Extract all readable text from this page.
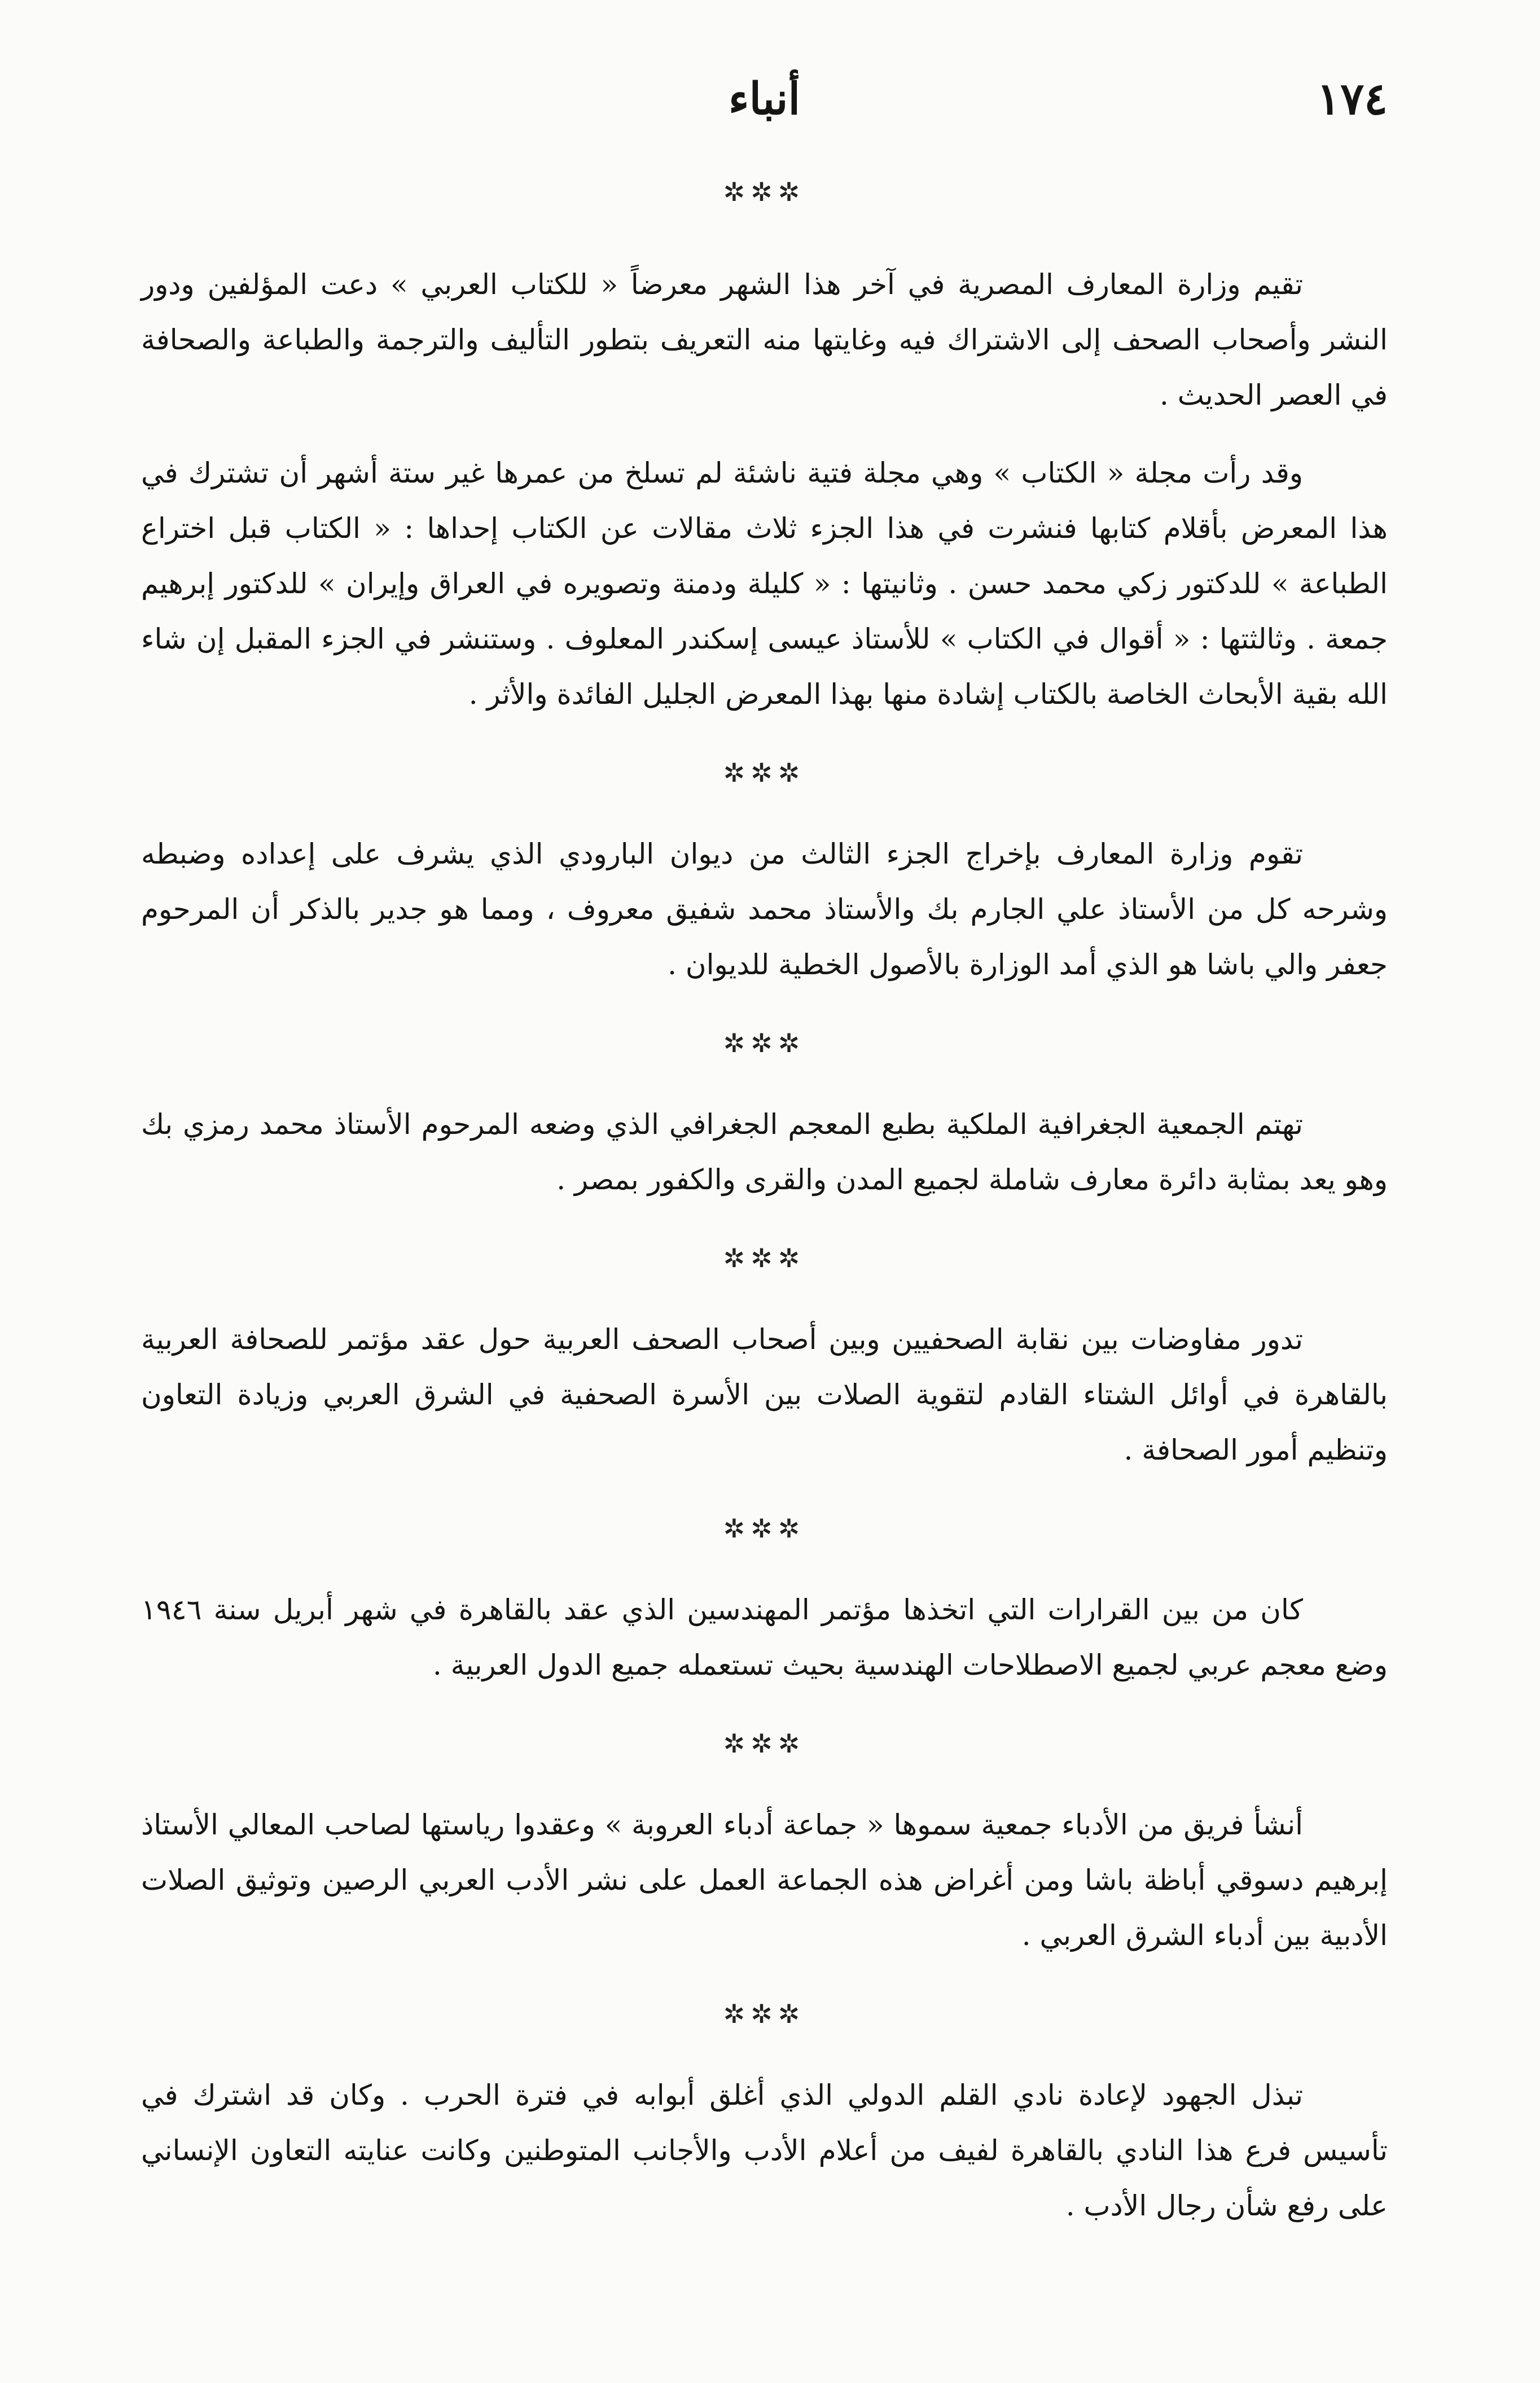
١٧٤
أنباء
✲✲✲

تقيم وزارة المعارف المصرية في آخر هذا الشهر معرضاً « للكتاب العربي » دعت المؤلفين ودور النشر وأصحاب الصحف إلى الاشتراك فيه وغايتها منه التعريف بتطور التأليف والترجمة والطباعة والصحافة في العصر الحديث .

وقد رأت مجلة « الكتاب » وهي مجلة فتية ناشئة لم تسلخ من عمرها غير ستة أشهر أن تشترك في هذا المعرض بأقلام كتابها فنشرت في هذا الجزء ثلاث مقالات عن الكتاب إحداها : « الكتاب قبل اختراع الطباعة » للدكتور زكي محمد حسن . وثانيتها : « كليلة ودمنة وتصويره في العراق وإيران » للدكتور إبرهيم جمعة . وثالثتها : « أقوال في الكتاب » للأستاذ عيسى إسكندر المعلوف . وستنشر في الجزء المقبل إن شاء الله بقية الأبحاث الخاصة بالكتاب إشادة منها بهذا المعرض الجليل الفائدة والأثر .

✲✲✲

تقوم وزارة المعارف بإخراج الجزء الثالث من ديوان البارودي الذي يشرف على إعداده وضبطه وشرحه كل من الأستاذ علي الجارم بك والأستاذ محمد شفيق معروف ، ومما هو جدير بالذكر أن المرحوم جعفر والي باشا هو الذي أمد الوزارة بالأصول الخطية للديوان .

✲✲✲

تهتم الجمعية الجغرافية الملكية بطبع المعجم الجغرافي الذي وضعه المرحوم الأستاذ محمد رمزي بك وهو يعد بمثابة دائرة معارف شاملة لجميع المدن والقرى والكفور بمصر .

✲✲✲

تدور مفاوضات بين نقابة الصحفيين وبين أصحاب الصحف العربية حول عقد مؤتمر للصحافة العربية بالقاهرة في أوائل الشتاء القادم لتقوية الصلات بين الأسرة الصحفية في الشرق العربي وزيادة التعاون وتنظيم أمور الصحافة .

✲✲✲

كان من بين القرارات التي اتخذها مؤتمر المهندسين الذي عقد بالقاهرة في شهر أبريل سنة ١٩٤٦ وضع معجم عربي لجميع الاصطلاحات الهندسية بحيث تستعمله جميع الدول العربية .

✲✲✲

أنشأ فريق من الأدباء جمعية سموها « جماعة أدباء العروبة » وعقدوا رياستها لصاحب المعالي الأستاذ إبرهيم دسوقي أباظة باشا ومن أغراض هذه الجماعة العمل على نشر الأدب العربي الرصين وتوثيق الصلات الأدبية بين أدباء الشرق العربي .

✲✲✲

تبذل الجهود لإعادة نادي القلم الدولي الذي أغلق أبوابه في فترة الحرب . وكان قد اشترك في تأسيس فرع هذا النادي بالقاهرة لفيف من أعلام الأدب والأجانب المتوطنين وكانت عنايته التعاون الإنساني على رفع شأن رجال الأدب .
